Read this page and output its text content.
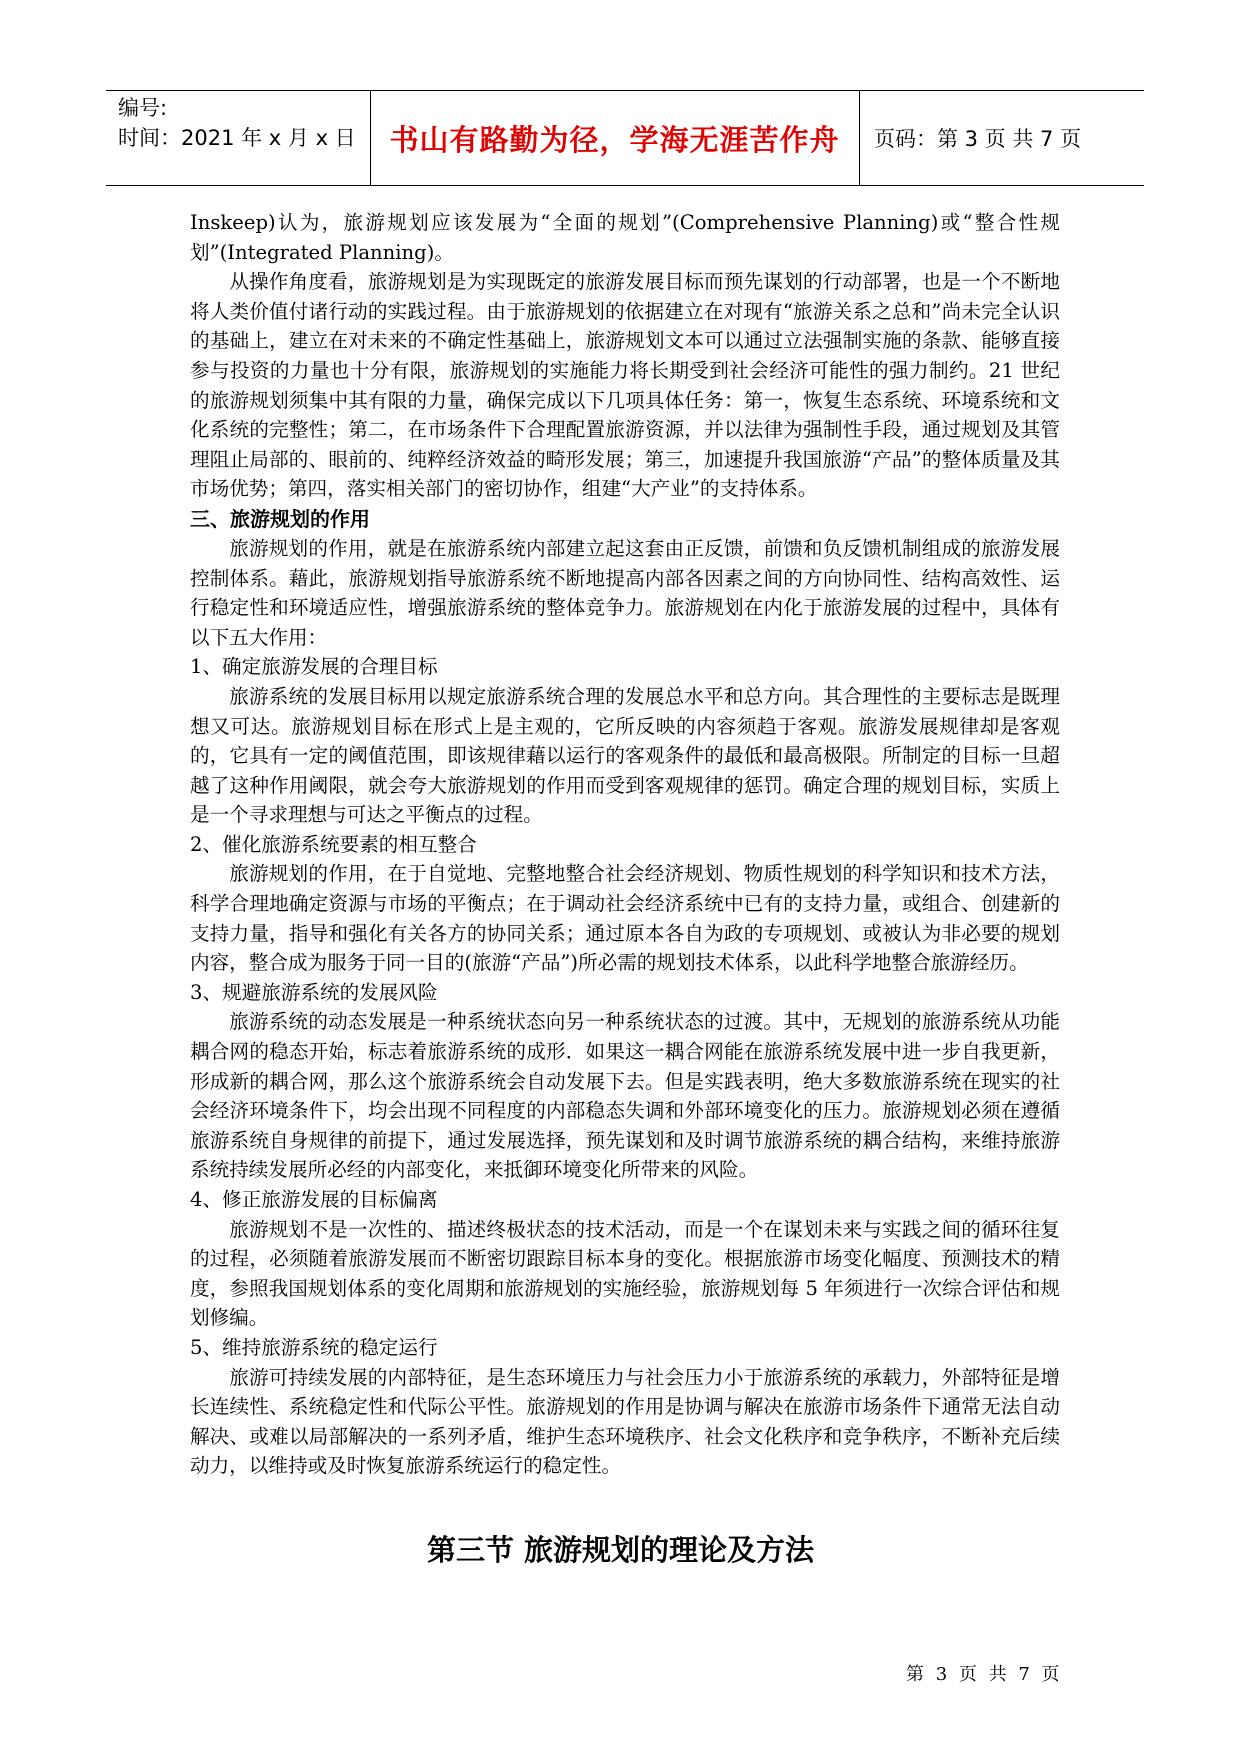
编号:
时间：2021 年 x 月 x 日	书山有路勤为径，学海无涯苦作舟	页码：第 3 页 共 7 页

Inskeep)认为，旅游规划应该发展为“全面的规划”(Comprehensive Planning)或“整合性规划”(Integrated Planning)。

从操作角度看，旅游规划是为实现既定的旅游发展目标而预先谋划的行动部署，也是一个不断地将人类价值付诸行动的实践过程。由于旅游规划的依据建立在对现有“旅游关系之总和”尚未完全认识的基础上，建立在对未来的不确定性基础上，旅游规划文本可以通过立法强制实施的条款、能够直接参与投资的力量也十分有限，旅游规划的实施能力将长期受到社会经济可能性的强力制约。21 世纪的旅游规划须集中其有限的力量，确保完成以下几项具体任务：第一，恢复生态系统、环境系统和文化系统的完整性；第二，在市场条件下合理配置旅游资源，并以法律为强制性手段，通过规划及其管理阻止局部的、眼前的、纯粹经济效益的畸形发展；第三，加速提升我国旅游“产品”的整体质量及其市场优势；第四，落实相关部门的密切协作，组建“大产业”的支持体系。

三、旅游规划的作用

旅游规划的作用，就是在旅游系统内部建立起这套由正反馈，前馈和负反馈机制组成的旅游发展控制体系。藉此，旅游规划指导旅游系统不断地提高内部各因素之间的方向协同性、结构高效性、运行稳定性和环境适应性，增强旅游系统的整体竞争力。旅游规划在内化于旅游发展的过程中，具体有以下五大作用：

1、确定旅游发展的合理目标

旅游系统的发展目标用以规定旅游系统合理的发展总水平和总方向。其合理性的主要标志是既理想又可达。旅游规划目标在形式上是主观的，它所反映的内容须趋于客观。旅游发展规律却是客观的，它具有一定的阈值范围，即该规律藉以运行的客观条件的最低和最高极限。所制定的目标一旦超越了这种作用阈限，就会夸大旅游规划的作用而受到客观规律的惩罚。确定合理的规划目标，实质上是一个寻求理想与可达之平衡点的过程。

2、催化旅游系统要素的相互整合

旅游规划的作用，在于自觉地、完整地整合社会经济规划、物质性规划的科学知识和技术方法，科学合理地确定资源与市场的平衡点；在于调动社会经济系统中已有的支持力量，或组合、创建新的支持力量，指导和强化有关各方的协同关系；通过原本各自为政的专项规划、或被认为非必要的规划内容，整合成为服务于同一目的(旅游“产品”)所必需的规划技术体系，以此科学地整合旅游经历。

3、规避旅游系统的发展风险

旅游系统的动态发展是一种系统状态向另一种系统状态的过渡。其中，无规划的旅游系统从功能耦合网的稳态开始，标志着旅游系统的成形．如果这一耦合网能在旅游系统发展中进一步自我更新，形成新的耦合网，那么这个旅游系统会自动发展下去。但是实践表明，绝大多数旅游系统在现实的社会经济环境条件下，均会出现不同程度的内部稳态失调和外部环境变化的压力。旅游规划必须在遵循旅游系统自身规律的前提下，通过发展选择，预先谋划和及时调节旅游系统的耦合结构，来维持旅游系统持续发展所必经的内部变化，来抵御环境变化所带来的风险。

4、修正旅游发展的目标偏离

旅游规划不是一次性的、描述终极状态的技术活动，而是一个在谋划未来与实践之间的循环往复的过程，必须随着旅游发展而不断密切跟踪目标本身的变化。根据旅游市场变化幅度、预测技术的精度，参照我国规划体系的变化周期和旅游规划的实施经验，旅游规划每 5 年须进行一次综合评估和规划修编。

5、维持旅游系统的稳定运行

旅游可持续发展的内部特征，是生态环境压力与社会压力小于旅游系统的承载力，外部特征是增长连续性、系统稳定性和代际公平性。旅游规划的作用是协调与解决在旅游市场条件下通常无法自动解决、或难以局部解决的一系列矛盾，维护生态环境秩序、社会文化秩序和竞争秩序，不断补充后续动力，以维持或及时恢复旅游系统运行的稳定性。

第三节 旅游规划的理论及方法
第 3 页 共 7 页
